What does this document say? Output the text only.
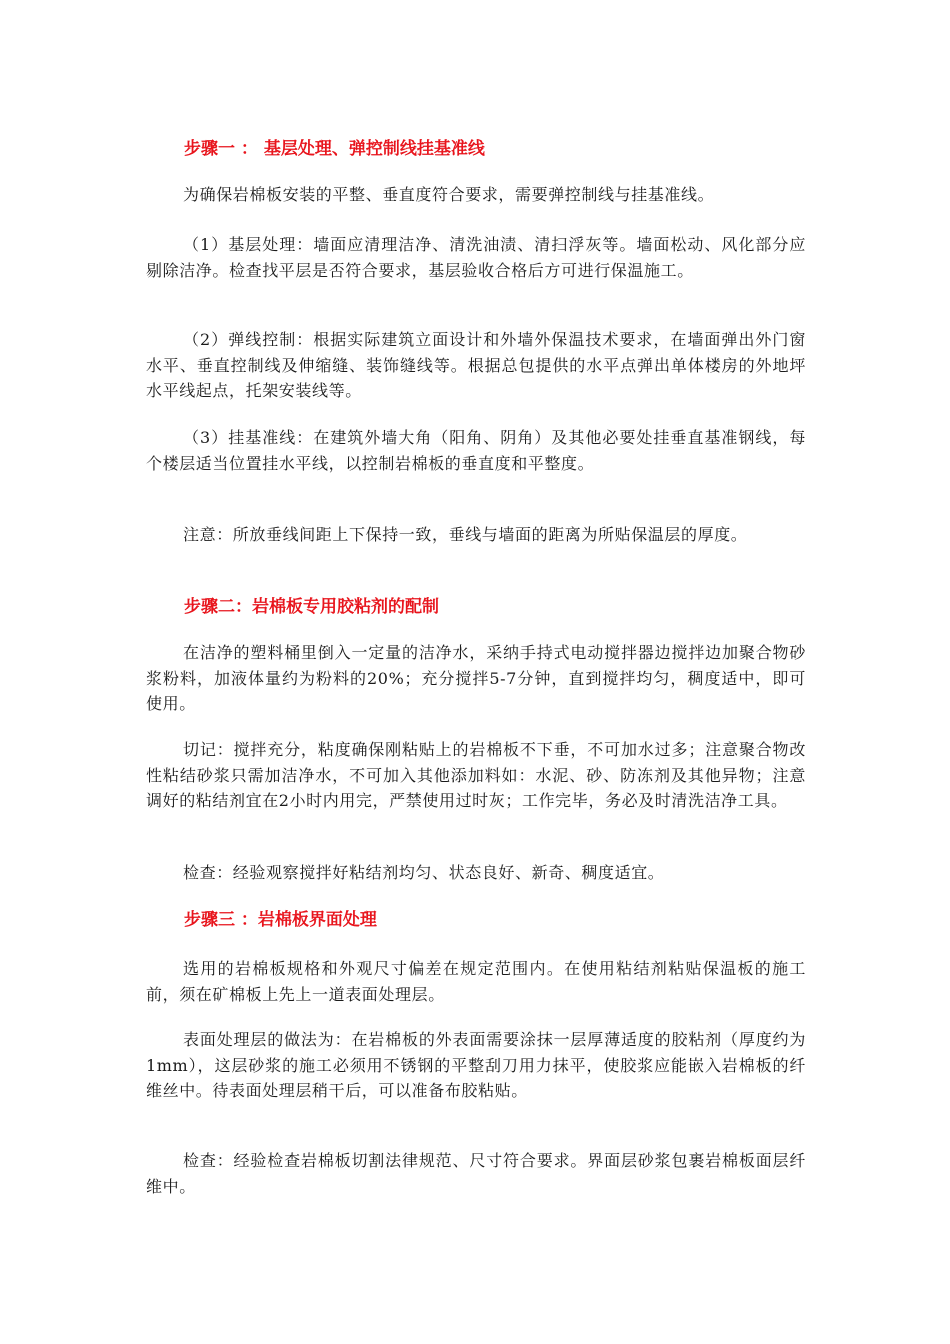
步骤一 ： 基层处理、弹控制线挂基准线

为确保岩棉板安装的平整、垂直度符合要求，需要弹控制线与挂基准线。

（1）基层处理：墙面应清理洁净、清洗油渍、清扫浮灰等。墙面松动、风化部分应剔除洁净。检查找平层是否符合要求，基层验收合格后方可进行保温施工。

（2）弹线控制：根据实际建筑立面设计和外墙外保温技术要求，在墙面弹出外门窗水平、垂直控制线及伸缩缝、装饰缝线等。根据总包提供的水平点弹出单体楼房的外地坪水平线起点，托架安装线等。

（3）挂基准线：在建筑外墙大角（阳角、阴角）及其他必要处挂垂直基准钢线，每个楼层适当位置挂水平线，以控制岩棉板的垂直度和平整度。

注意：所放垂线间距上下保持一致，垂线与墙面的距离为所贴保温层的厚度。

步骤二：岩棉板专用胶粘剂的配制

在洁净的塑料桶里倒入一定量的洁净水，采纳手持式电动搅拌器边搅拌边加聚合物砂浆粉料，加液体量约为粉料的20%；充分搅拌5-7分钟，直到搅拌均匀，稠度适中，即可使用。

切记：搅拌充分，粘度确保刚粘贴上的岩棉板不下垂，不可加水过多；注意聚合物改性粘结砂浆只需加洁净水，不可加入其他添加料如：水泥、砂、防冻剂及其他异物；注意调好的粘结剂宜在2小时内用完，严禁使用过时灰；工作完毕，务必及时清洗洁净工具。

检查：经验观察搅拌好粘结剂均匀、状态良好、新奇、稠度适宜。

步骤三 ：岩棉板界面处理

选用的岩棉板规格和外观尺寸偏差在规定范围内。在使用粘结剂粘贴保温板的施工前，须在矿棉板上先上一道表面处理层。

表面处理层的做法为：在岩棉板的外表面需要涂抹一层厚薄适度的胶粘剂（厚度约为1mm），这层砂浆的施工必须用不锈钢的平整刮刀用力抹平，使胶浆应能嵌入岩棉板的纤维丝中。待表面处理层稍干后，可以准备布胶粘贴。

检查：经验检查岩棉板切割法律规范、尺寸符合要求。界面层砂浆包裹岩棉板面层纤维中。
